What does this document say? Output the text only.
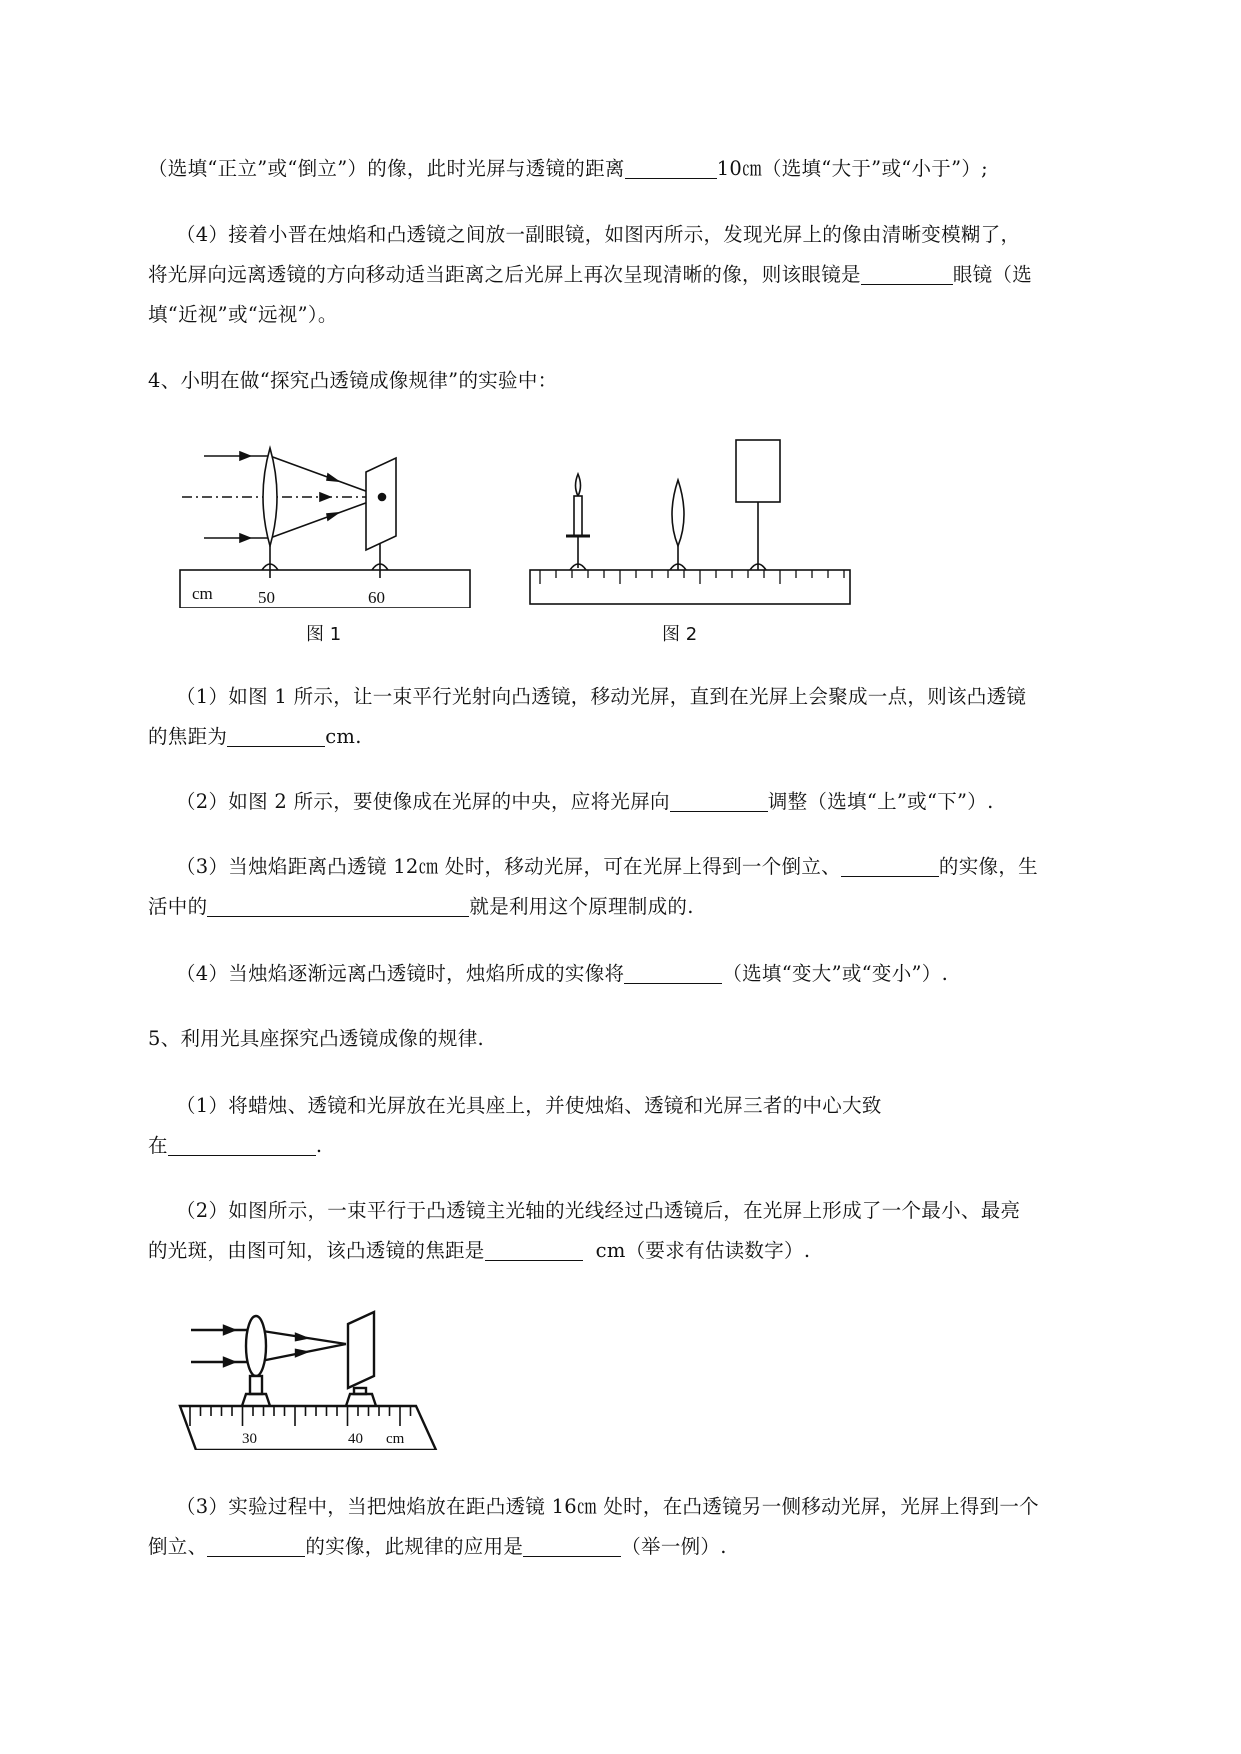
（选填“正立”或“倒立”）的像，此时光屏与透镜的距离	10㎝（选填“大于”或“小于”）;
（4）接着小晋在烛焰和凸透镜之间放一副眼镜，如图丙所示，发现光屏上的像由清晰变模糊了，
将光屏向远离透镜的方向移动适当距离之后光屏上再次呈现清晰的像，则该眼镜是	眼镜（选
填“近视”或“远视”）。
4、小明在做“探究凸透镜成像规律”的实验中：
cm	50	60
图 1	图 2
（1）如图 1 所示，让一束平行光射向凸透镜，移动光屏，直到在光屏上会聚成一点，则该凸透镜
的焦距为	cm.
（2）如图 2 所示，要使像成在光屏的中央，应将光屏向	调整（选填“上”或“下”）.
（3）当烛焰距离凸透镜 12㎝ 处时，移动光屏，可在光屏上得到一个倒立、	的实像，生
活中的	就是利用这个原理制成的.
（4）当烛焰逐渐远离凸透镜时，烛焰所成的实像将	（选填“变大”或“变小”）.
5、利用光具座探究凸透镜成像的规律.
（1）将蜡烛、透镜和光屏放在光具座上，并使烛焰、透镜和光屏三者的中心大致
在	.
（2）如图所示，一束平行于凸透镜主光轴的光线经过凸透镜后，在光屏上形成了一个最小、最亮
的光斑，由图可知，该凸透镜的焦距是	cm（要求有估读数字）.
30	40 cm
（3）实验过程中，当把烛焰放在距凸透镜 16㎝ 处时，在凸透镜另一侧移动光屏，光屏上得到一个
倒立、	的实像，此规律的应用是	（举一例）.
